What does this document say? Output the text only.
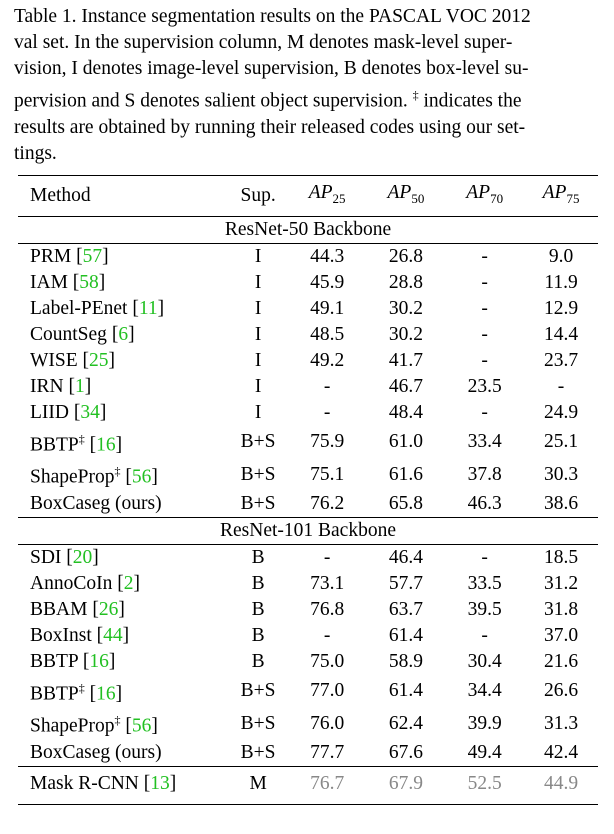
Table 1. Instance segmentation results on the PASCAL VOC 2012
val set. In the supervision column, M denotes mask-level super-
vision, I denotes image-level supervision, B denotes box-level su-
pervision and S denotes salient object supervision. ‡ indicates the
results are obtained by running their released codes using our set-
tings.
Method	Sup.	$AP_{25}$	$AP_{50}$	$AP_{70}$	$AP_{75}$
ResNet-50 Backbone					
PRM [57]	I	44.3	26.8	-	9.0
IAM [58]	I	45.9	28.8	-	11.9
Label-PEnet [11]	I	49.1	30.2	-	12.9
CountSeg [6]	I	48.5	30.2	-	14.4
WISE [25]	I	49.2	41.7	-	23.7
IRN [1]	I	-	46.7	23.5	-
LIID [34]	I	-	48.4	-	24.9
BBTP‡ [16]	B+S	75.9	61.0	33.4	25.1
ShapeProp‡ [56]	B+S	75.1	61.6	37.8	30.3
BoxCaseg (ours)	B+S	76.2	65.8	46.3	38.6
ResNet-101 Backbone					
SDI [20]	B	-	46.4	-	18.5
AnnoCoIn [2]	B	73.1	57.7	33.5	31.2
BBAM [26]	B	76.8	63.7	39.5	31.8
BoxInst [44]	B	-	61.4	-	37.0
BBTP [16]	B	75.0	58.9	30.4	21.6
BBTP‡ [16]	B+S	77.0	61.4	34.4	26.6
ShapeProp‡ [56]	B+S	76.0	62.4	39.9	31.3
BoxCaseg (ours)	B+S	77.7	67.6	49.4	42.4
Mask R-CNN [13]	M	76.7	67.9	52.5	44.9
